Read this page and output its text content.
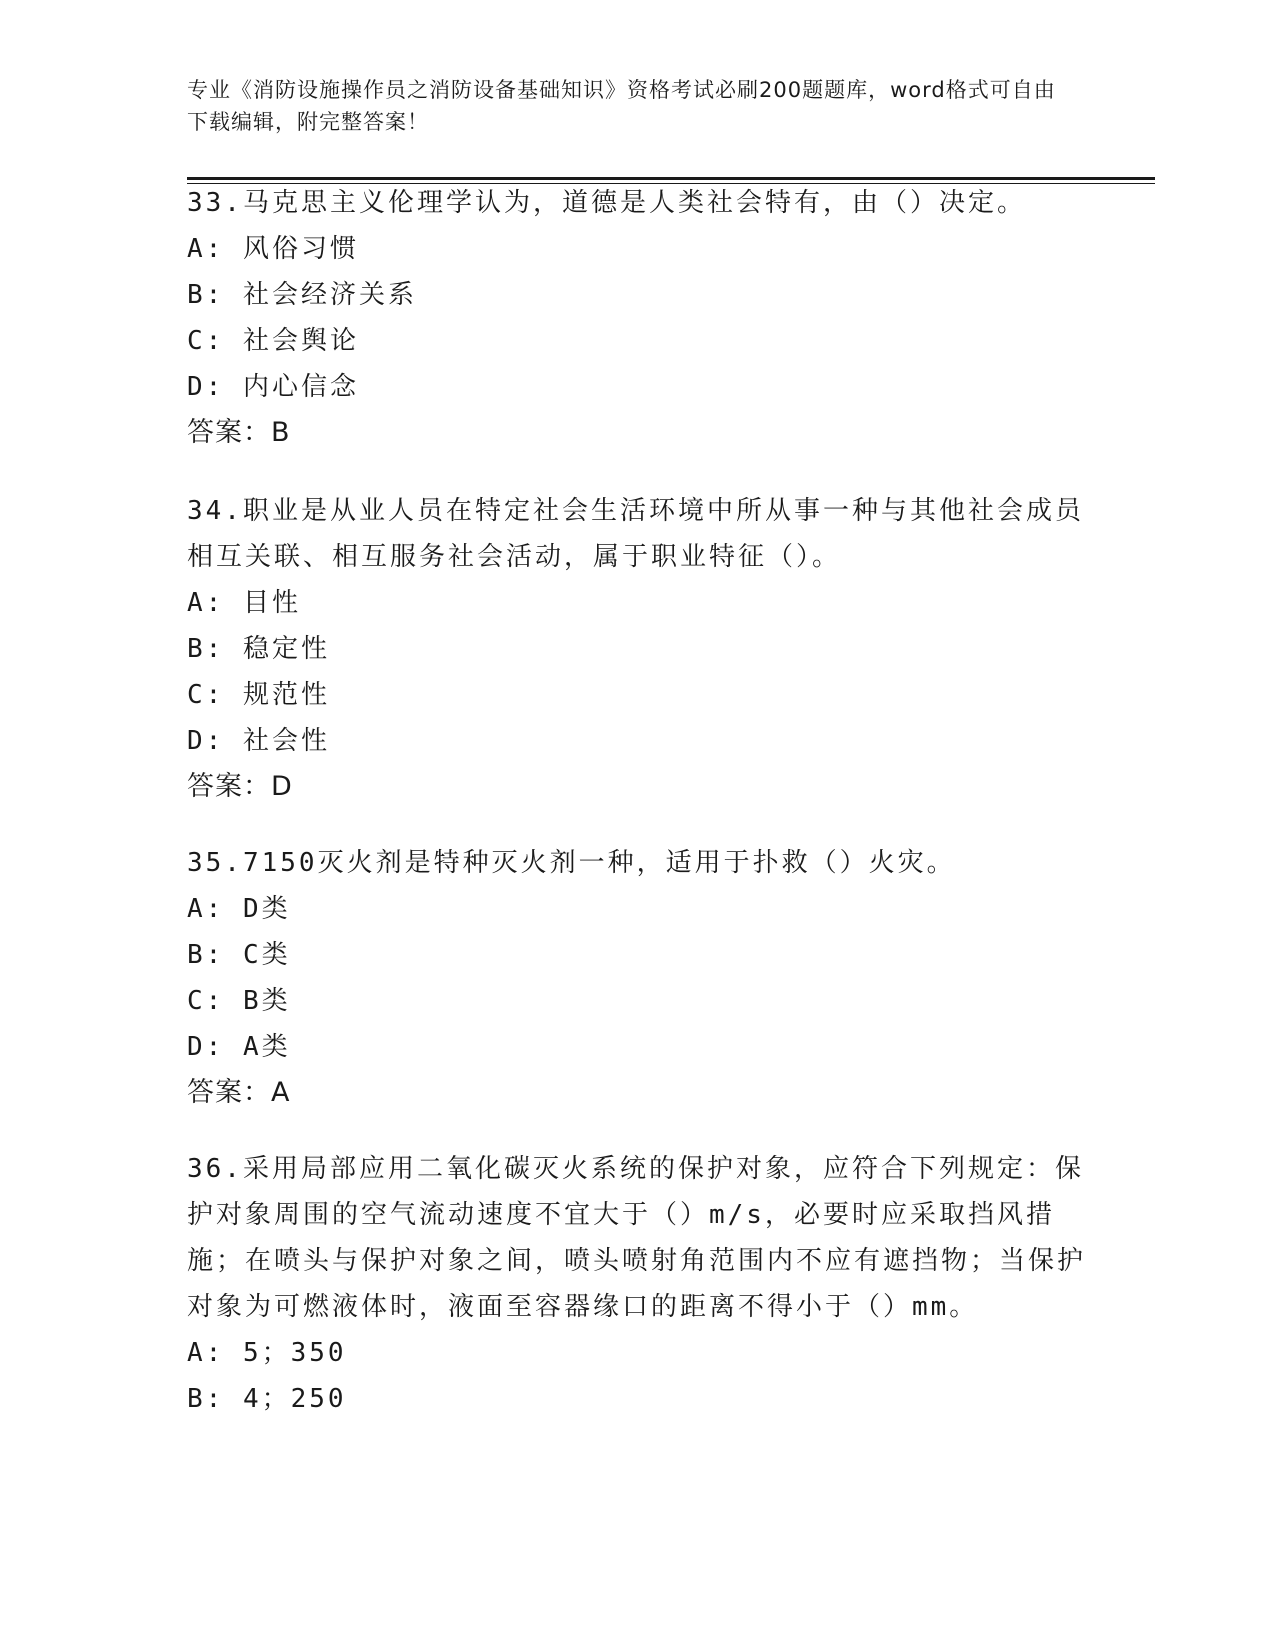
专业《消防设施操作员之消防设备基础知识》资格考试必刷200题题库，word格式可自由下载编辑，附完整答案！
33.马克思主义伦理学认为，道德是人类社会特有，由（）决定。
A: 风俗习惯
B: 社会经济关系
C: 社会舆论
D: 内心信念
答案：B
34.职业是从业人员在特定社会生活环境中所从事一种与其他社会成员相互关联、相互服务社会活动，属于职业特征（）。
A: 目性
B: 稳定性
C: 规范性
D: 社会性
答案：D
35.7150灭火剂是特种灭火剂一种，适用于扑救（）火灾。
A: D类
B: C类
C: B类
D: A类
答案：A
36.采用局部应用二氧化碳灭火系统的保护对象，应符合下列规定：保护对象周围的空气流动速度不宜大于（）m/s，必要时应采取挡风措施；在喷头与保护对象之间，喷头喷射角范围内不应有遮挡物；当保护对象为可燃液体时，液面至容器缘口的距离不得小于（）mm。
A: 5；350
B: 4；250
